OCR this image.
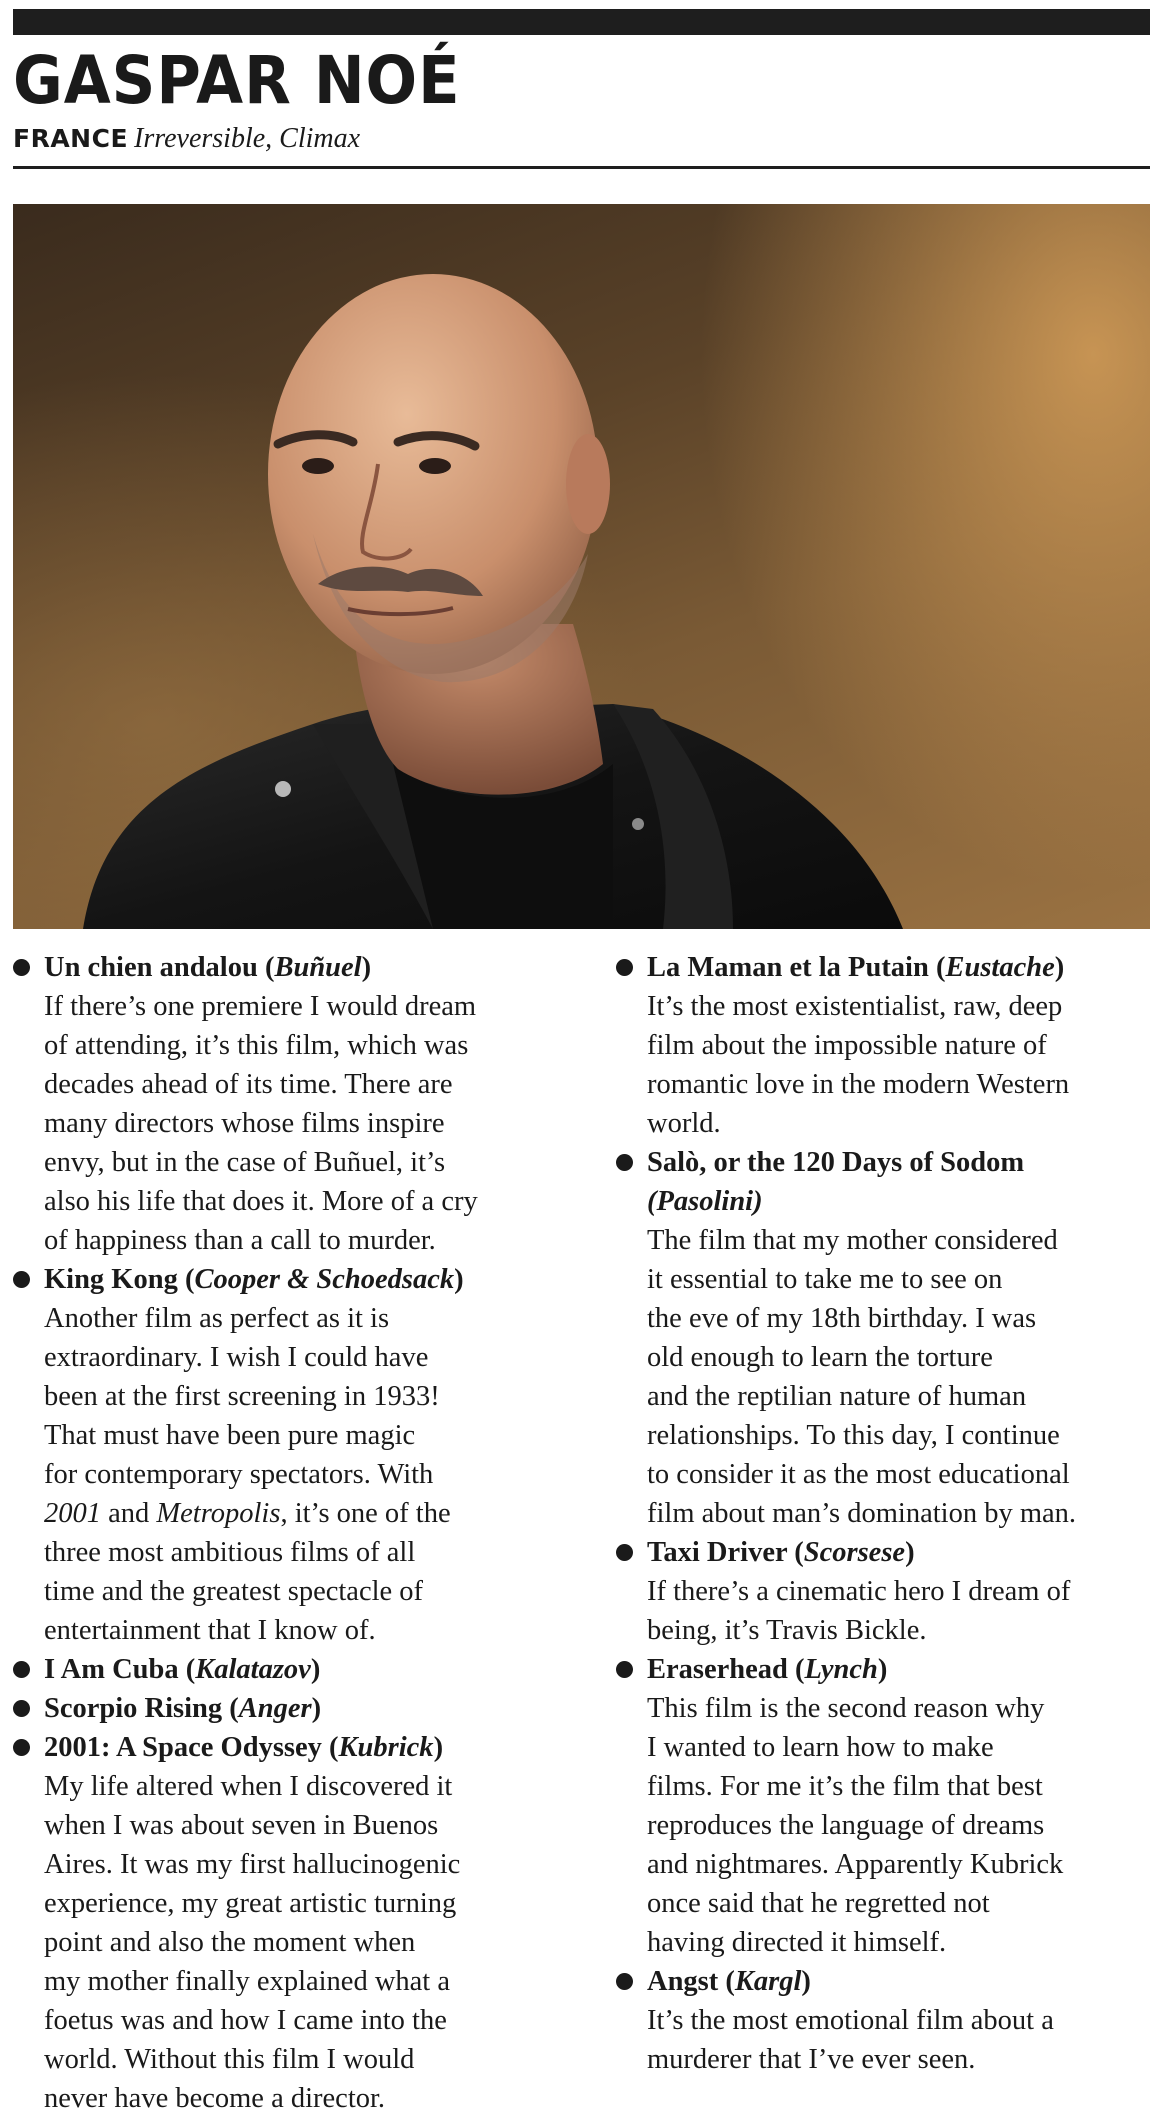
GASPAR NOÉ
FRANCE Irreversible, Climax
Un chien andalou (Buñuel)
If there’s one premiere I would dream
of attending, it’s this film, which was
decades ahead of its time. There are
many directors whose films inspire
envy, but in the case of Buñuel, it’s
also his life that does it. More of a cry
of happiness than a call to murder.
King Kong (Cooper & Schoedsack)
Another film as perfect as it is
extraordinary. I wish I could have
been at the first screening in 1933!
That must have been pure magic
for contemporary spectators. With
2001 and Metropolis, it’s one of the
three most ambitious films of all
time and the greatest spectacle of
entertainment that I know of.
I Am Cuba (Kalatazov)
Scorpio Rising (Anger)
2001: A Space Odyssey (Kubrick)
My life altered when I discovered it
when I was about seven in Buenos
Aires. It was my first hallucinogenic
experience, my great artistic turning
point and also the moment when
my mother finally explained what a
foetus was and how I came into the
world. Without this film I would
never have become a director.
La Maman et la Putain (Eustache)
It’s the most existentialist, raw, deep
film about the impossible nature of
romantic love in the modern Western
world.
Salò, or the 120 Days of Sodom
(Pasolini)
The film that my mother considered
it essential to take me to see on
the eve of my 18th birthday. I was
old enough to learn the torture
and the reptilian nature of human
relationships. To this day, I continue
to consider it as the most educational
film about man’s domination by man.
Taxi Driver (Scorsese)
If there’s a cinematic hero I dream of
being, it’s Travis Bickle.
Eraserhead (Lynch)
This film is the second reason why
I wanted to learn how to make
films. For me it’s the film that best
reproduces the language of dreams
and nightmares. Apparently Kubrick
once said that he regretted not
having directed it himself.
Angst (Kargl)
It’s the most emotional film about a
murderer that I’ve ever seen.
